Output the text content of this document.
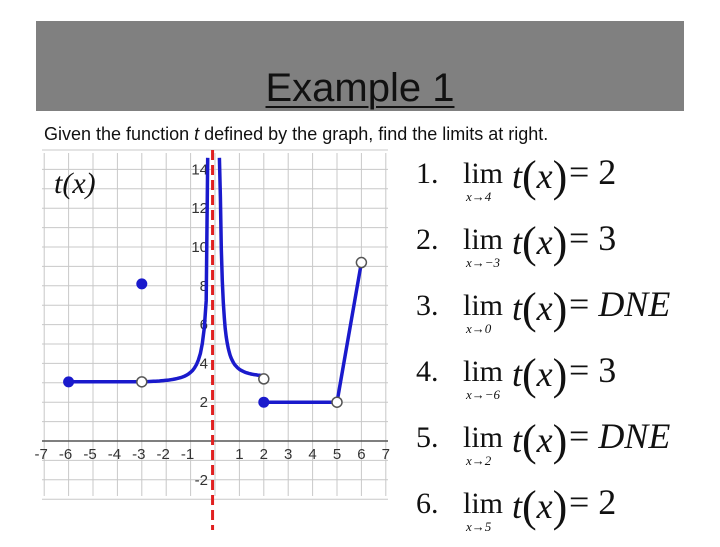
Example 1
Given the function t defined by the graph, find the limits at right.
-7 -6 -5 -4 -3 -2 -1	1 2 3 4 5 6 7
14
12
10
8
6
4
2
-2
t(x)	1. lim
x→4
t(x) = 2
2. lim
x→−3
t(x) = 3
3. lim
x→0
t(x) = DNE
4. lim
x→−6
t(x) = 3
5. lim
x→2
t(x) = DNE
6. lim
x→5
t(x) = 2
